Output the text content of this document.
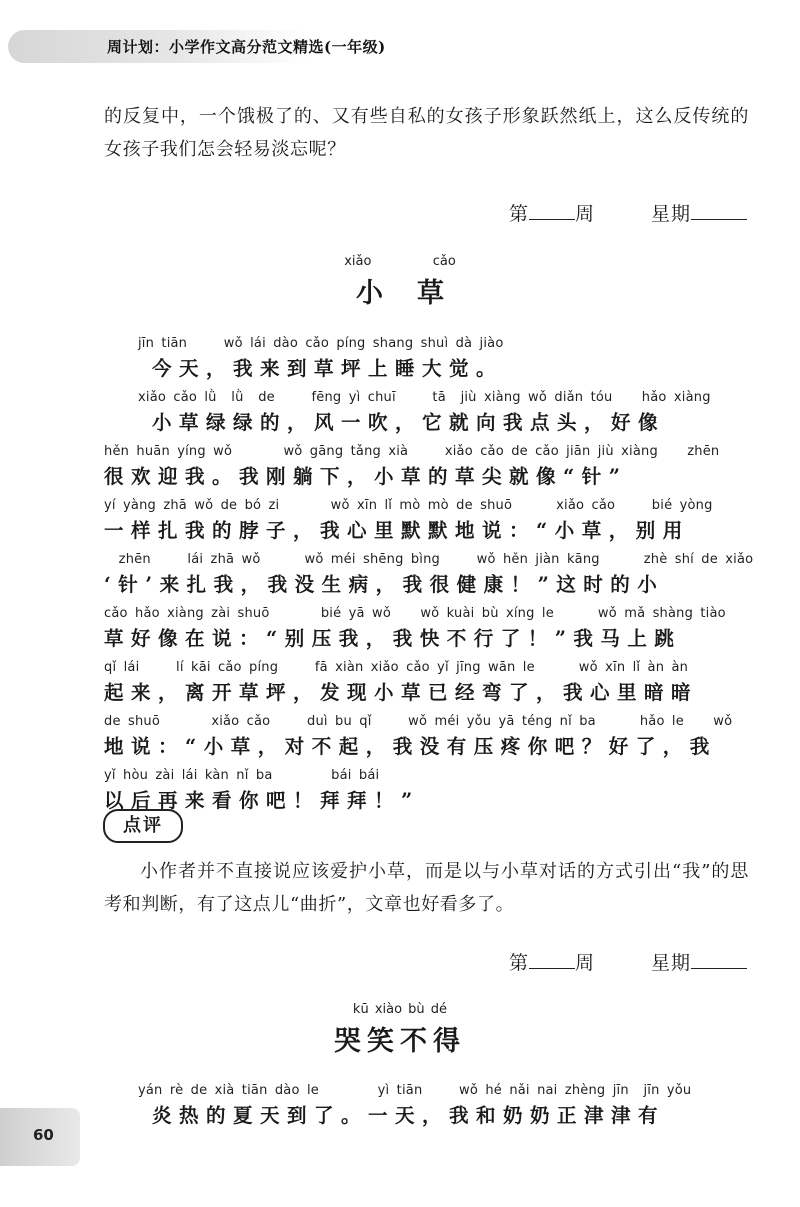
周计划：小学作文高分范文精选(一年级)

的反复中，一个饿极了的、又有些自私的女孩子形象跃然纸上，这么反传统的女孩子我们怎会轻易淡忘呢？

第 周	星期
xiǎo          cǎo
小草
jīn tiān     wǒ lái dào cǎo píng shang shuì dà jiào
今天，我来到草坪上睡大觉。
xiǎo cǎo lǜ  lǜ  de     fēng yì chuī     tā  jiù xiàng wǒ diǎn tóu    hǎo xiàng
小草绿绿的，风一吹，它就向我点头，好像
hěn huān yíng wǒ       wǒ gāng tǎng xià     xiǎo cǎo de cǎo jiān jiù xiàng    zhēn
很欢迎我。我刚躺下，小草的草尖就像“针”
yí yàng zhā wǒ de bó zi       wǒ xīn lǐ mò mò de shuō      xiǎo cǎo     bié yòng
一样扎我的脖子，我心里默默地说：“小草，别用
zhēn     lái zhā wǒ      wǒ méi shēng bìng     wǒ hěn jiàn kāng      zhè shí de xiǎo
‘针’来扎我，我没生病，我很健康！”这时的小
cǎo hǎo xiàng zài shuō       bié yā wǒ    wǒ kuài bù xíng le      wǒ mǎ shàng tiào
草好像在说：“别压我，我快不行了！”我马上跳
qǐ lái     lí kāi cǎo píng     fā xiàn xiǎo cǎo yǐ jīng wān le      wǒ xīn lǐ àn àn
起来，离开草坪，发现小草已经弯了，我心里暗暗
de shuō       xiǎo cǎo     duì bu qǐ     wǒ méi yǒu yā téng nǐ ba      hǎo le    wǒ
地说：“小草，对不起，我没有压疼你吧？好了，我
yǐ hòu zài lái kàn nǐ ba        bái bái
以后再来看你吧！拜拜！”
点评

小作者并不直接说应该爱护小草，而是以与小草对话的方式引出“我”的思考和判断，有了这点儿“曲折”，文章也好看多了。

第 周	星期
kū xiào bù dé
哭笑不得
yán rè de xià tiān dào le        yì tiān     wǒ hé nǎi nai zhèng jīn  jīn yǒu
炎热的夏天到了。一天，我和奶奶正津津有
60
